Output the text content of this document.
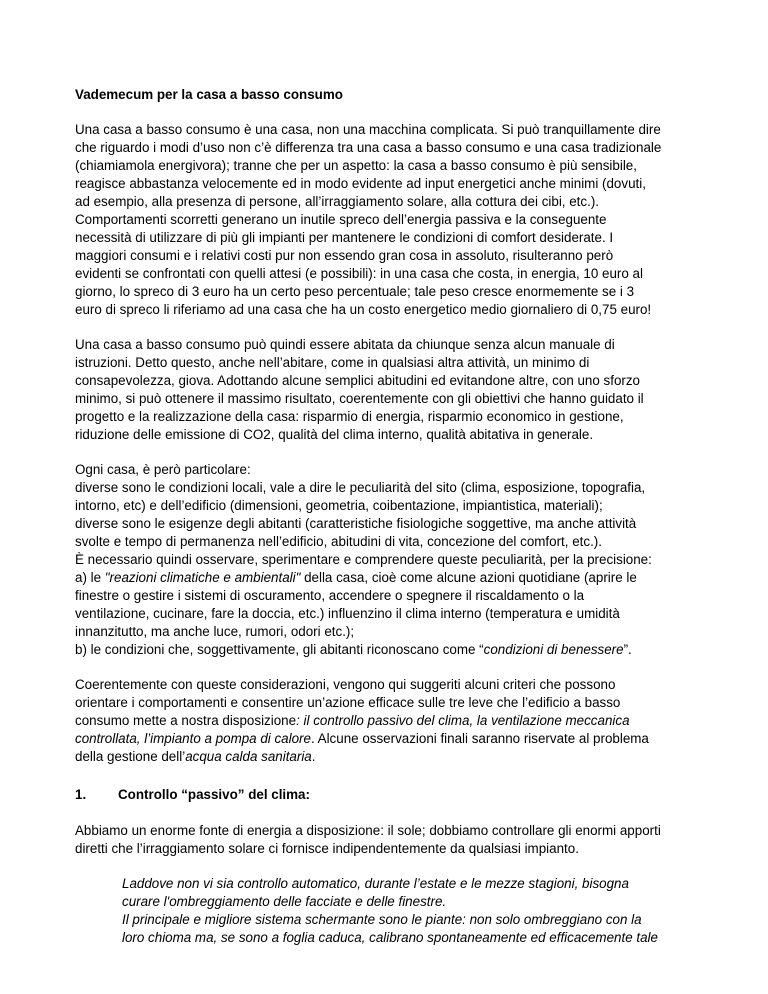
Vademecum per la casa a basso consumo

Una casa a basso consumo è una casa, non una macchina complicata. Si può tranquillamente dire
che riguardo i modi d’uso non c’è differenza tra una casa a basso consumo e una casa tradizionale
(chiamiamola energivora); tranne che per un aspetto: la casa a basso consumo è più sensibile,
reagisce abbastanza velocemente ed in modo evidente ad input energetici anche minimi (dovuti,
ad esempio, alla presenza di persone, all’irraggiamento solare, alla cottura dei cibi, etc.).
Comportamenti scorretti generano un inutile spreco dell’energia passiva e la conseguente
necessità di utilizzare di più gli impianti per mantenere le condizioni di comfort desiderate. I
maggiori consumi e i relativi costi pur non essendo gran cosa in assoluto, risulteranno però
evidenti se confrontati con quelli attesi (e possibili): in una casa che costa, in energia, 10 euro al
giorno, lo spreco di 3 euro ha un certo peso percentuale; tale peso cresce enormemente se i 3
euro di spreco li riferiamo ad una casa che ha un costo energetico medio giornaliero di 0,75 euro!

Una casa a basso consumo può quindi essere abitata da chiunque senza alcun manuale di
istruzioni. Detto questo, anche nell’abitare, come in qualsiasi altra attività, un minimo di
consapevolezza, giova. Adottando alcune semplici abitudini ed evitandone altre, con uno sforzo
minimo, si può ottenere il massimo risultato, coerentemente con gli obiettivi che hanno guidato il
progetto e la realizzazione della casa: risparmio di energia, risparmio economico in gestione,
riduzione delle emissione di CO2, qualità del clima interno, qualità abitativa in generale.

Ogni casa, è però particolare:
diverse sono le condizioni locali, vale a dire le peculiarità del sito (clima, esposizione, topografia,
intorno, etc) e dell’edificio (dimensioni, geometria, coibentazione, impiantistica, materiali);
diverse sono le esigenze degli abitanti (caratteristiche fisiologiche soggettive, ma anche attività
svolte e tempo di permanenza nell’edificio, abitudini di vita, concezione del comfort, etc.).
È necessario quindi osservare, sperimentare e comprendere queste peculiarità, per la precisione:
a) le "reazioni climatiche e ambientali" della casa, cioè come alcune azioni quotidiane (aprire le
finestre o gestire i sistemi di oscuramento, accendere o spegnere il riscaldamento o la
ventilazione, cucinare, fare la doccia, etc.) influenzino il clima interno (temperatura e umidità
innanzitutto, ma anche luce, rumori, odori etc.);
b) le condizioni che, soggettivamente, gli abitanti riconoscano come “condizioni di benessere”.

Coerentemente con queste considerazioni, vengono qui suggeriti alcuni criteri che possono
orientare i comportamenti e consentire un’azione efficace sulle tre leve che l’edificio a basso
consumo mette a nostra disposizione: il controllo passivo del clima, la ventilazione meccanica
controllata, l’impianto a pompa di calore. Alcune osservazioni finali saranno riservate al problema
della gestione dell’acqua calda sanitaria.

1.	Controllo “passivo” del clima:

Abbiamo un enorme fonte di energia a disposizione: il sole; dobbiamo controllare gli enormi apporti
diretti che l’irraggiamento solare ci fornisce indipendentemente da qualsiasi impianto.

Laddove non vi sia controllo automatico, durante l’estate e le mezze stagioni, bisogna
curare l'ombreggiamento delle facciate e delle finestre.
Il principale e migliore sistema schermante sono le piante: non solo ombreggiano con la
loro chioma ma, se sono a foglia caduca, calibrano spontaneamente ed efficacemente tale
